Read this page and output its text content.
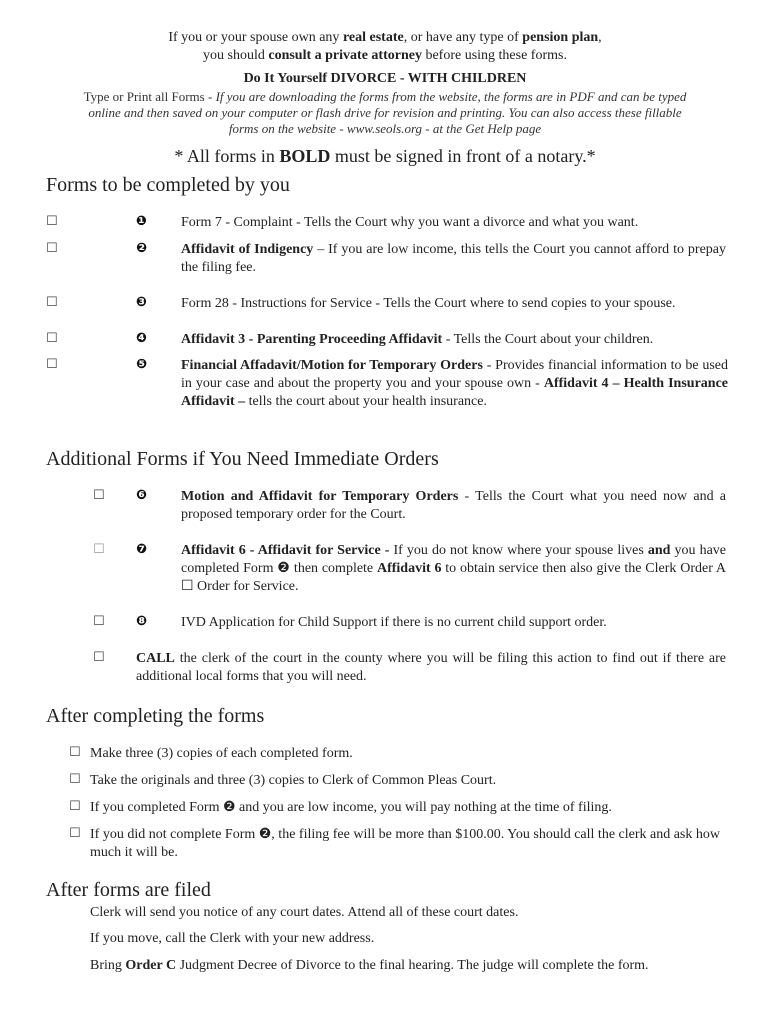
If you or your spouse own any real estate, or have any type of pension plan,
you should consult a private attorney before using these forms.
Do It Yourself DIVORCE - WITH CHILDREN
Type or Print all Forms - If you are downloading the forms from the website, the forms are in PDF and can be typed
online and then saved on your computer or flash drive for revision and printing. You can also access these fillable
forms on the website - www.seols.org - at the Get Help page
* All forms in BOLD must be signed in front of a notary.*
Forms to be completed by you
☐	❶ Form 7 - Complaint - Tells the Court why you want a divorce and what you want.
☐	❷ Affidavit of Indigency – If you are low income, this tells the Court you cannot afford to prepay the filing fee.
☐	❸ Form 28 - Instructions for Service - Tells the Court where to send copies to your spouse.
☐	❹ Affidavit 3 - Parenting Proceeding Affidavit - Tells the Court about your children.
☐	❺ Financial Affadavit/Motion for Temporary Orders - Provides financial information to be used in your case and about the property you and your spouse own - Affidavit 4 – Health Insurance Affidavit – tells the court about your health insurance.
Additional Forms if You Need Immediate Orders
☐ ❻ Motion and Affidavit for Temporary Orders - Tells the Court what you need now and a proposed temporary order for the Court.
☐ ❼ Affidavit 6 - Affidavit for Service - If you do not know where your spouse lives and you have completed Form ❷ then complete Affidavit 6 to obtain service then also give the Clerk Order A ☐ Order for Service.
☐ ❽ IVD Application for Child Support if there is no current child support order.
☐ CALL the clerk of the court in the county where you will be filing this action to find out if there are additional local forms that you will need.
After completing the forms
☐ Make three (3) copies of each completed form.
☐ Take the originals and three (3) copies to Clerk of Common Pleas Court.
☐ If you completed Form ❷ and you are low income, you will pay nothing at the time of filing.
☐ If you did not complete Form ❷, the filing fee will be more than $100.00. You should call the clerk and ask how much it will be.
After forms are filed
Clerk will send you notice of any court dates. Attend all of these court dates.
If you move, call the Clerk with your new address.
Bring Order C Judgment Decree of Divorce to the final hearing. The judge will complete the form.
